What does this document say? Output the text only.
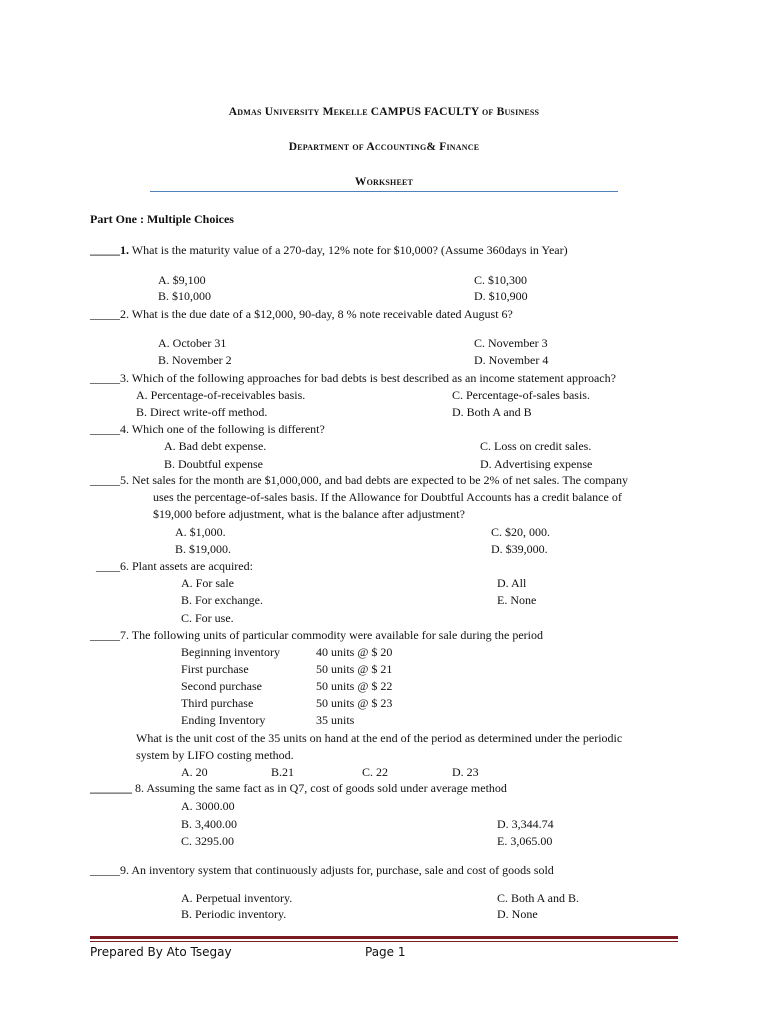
Admas University Mekelle CAMPUS FACULTY of Business
Department of Accounting& Finance
Worksheet
Part One : Multiple Choices
_____1. What is the maturity value of a 270-day, 12% note for $10,000? (Assume 360days in Year)
A. $9,100
B. $10,000
C. $10,300
D. $10,900
_____2. What is the due date of a $12,000, 90-day, 8 % note receivable dated August 6?
A. October 31
B. November 2
C. November 3
D. November 4
_____3. Which of the following approaches for bad debts is best described as an income statement approach?
A. Percentage-of-receivables basis.
B. Direct write-off method.
C. Percentage-of-sales basis.
D. Both A and B
_____4. Which one of the following is different?
A. Bad debt expense.
B. Doubtful expense
C. Loss on credit sales.
D. Advertising expense
_____5. Net sales for the month are $1,000,000, and bad debts are expected to be 2% of net sales. The company
uses the percentage-of-sales basis. If the Allowance for Doubtful Accounts has a credit balance of
$19,000 before adjustment, what is the balance after adjustment?
A. $1,000.
B. $19,000.
C. $20, 000.
D. $39,000.
____6. Plant assets are acquired:
A. For sale
B. For exchange.
C. For use.
D. All
E. None
_____7. The following units of particular commodity were available for sale during the period
Beginning inventory	40 units @ $ 20
First purchase	50 units @ $ 21
Second purchase	50 units @ $ 22
Third purchase	50 units @ $ 23
Ending Inventory	35 units
What is the unit cost of the 35 units on hand at the end of the period as determined under the periodic
system by LIFO costing method.
A. 20	B.21	C. 22	D. 23
_______ 8. Assuming the same fact as in Q7, cost of goods sold under average method
A. 3000.00
B. 3,400.00
C. 3295.00
D. 3,344.74
E. 3,065.00
_____9. An inventory system that continuously adjusts for, purchase, sale and cost of goods sold
A. Perpetual inventory.
B. Periodic inventory.
C. Both A and B.
D. None
Prepared By Ato Tsegay	Page 1
